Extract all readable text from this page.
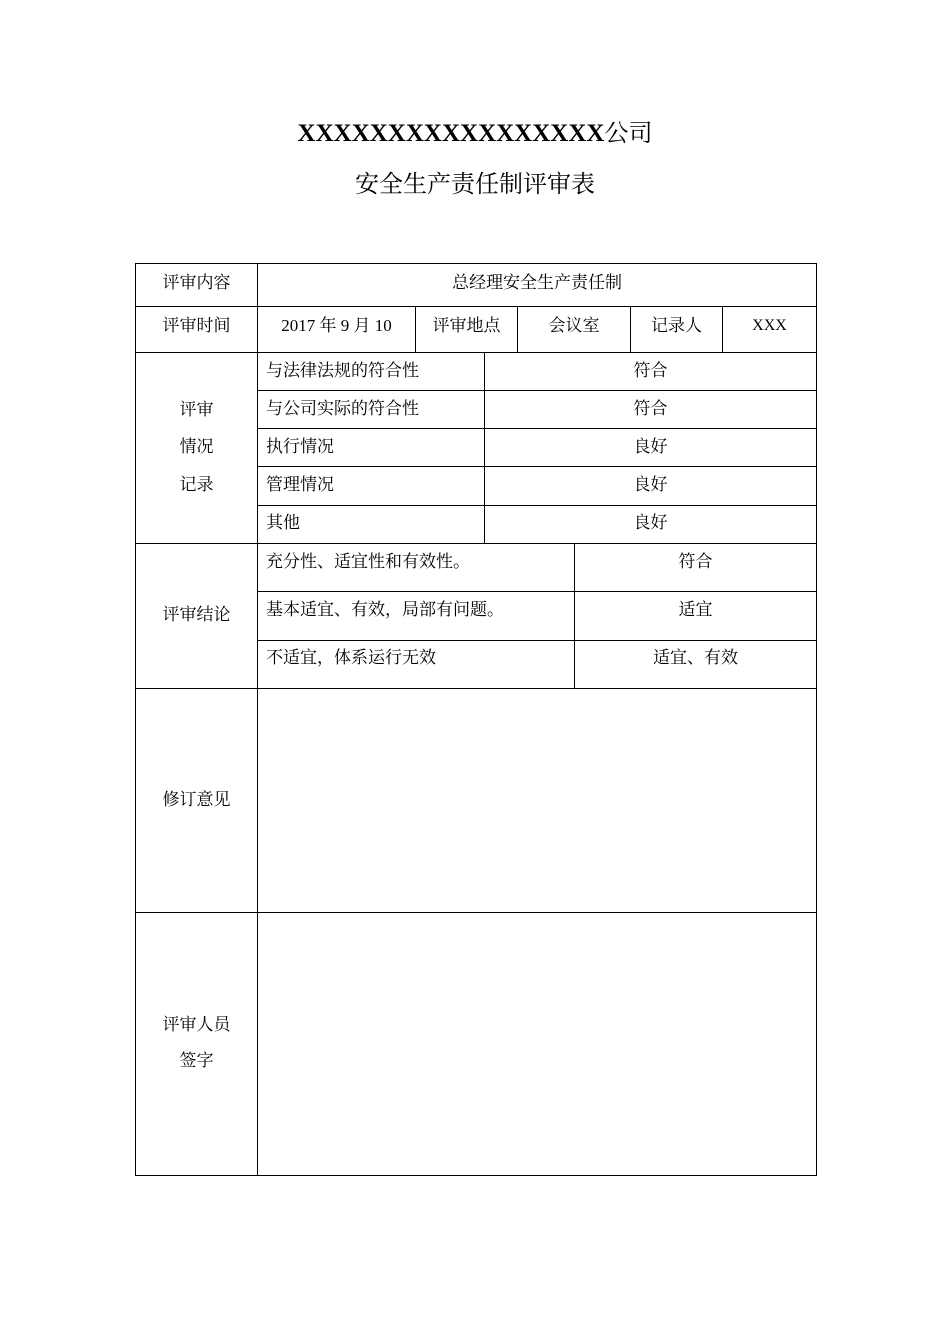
XXXXXXXXXXXXXXXXX公司
安全生产责任制评审表
评审内容	总经理安全生产责任制
评审时间	2017 年 9 月 10	评审地点	会议室	记录人	XXX
评审
情况
记录
与法律法规的符合性	符合
与公司实际的符合性	符合
执行情况	良好
管理情况	良好
其他	良好
评审结论
充分性、适宜性和有效性。	符合
基本适宜、有效，局部有问题。	适宜
不适宜，体系运行无效	适宜、有效
修订意见
评审人员
签字
